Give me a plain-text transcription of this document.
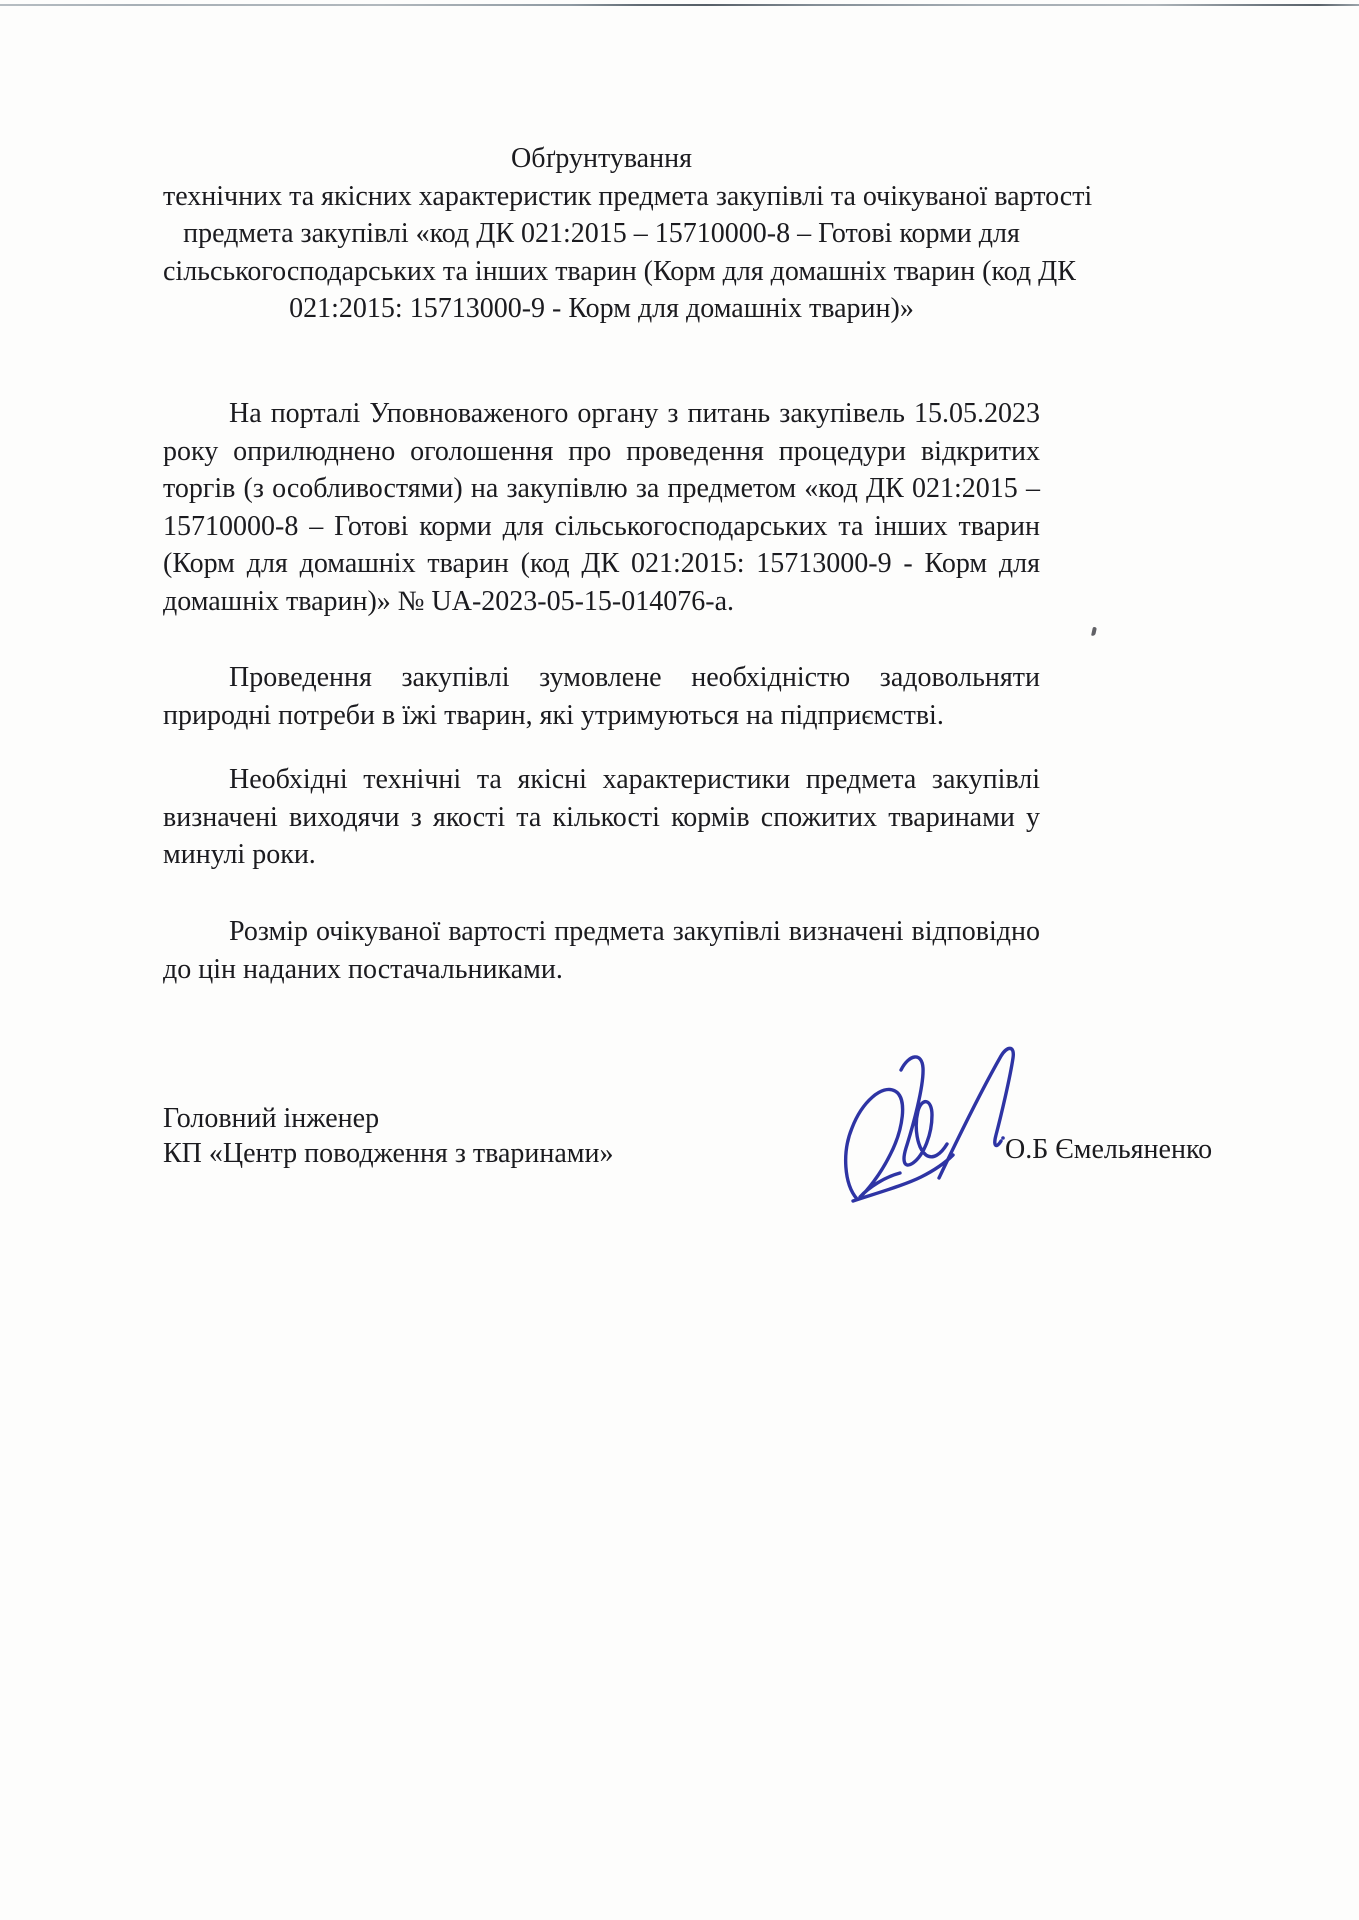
Обґрунтування
технічних та якісних характеристик предмета закупівлі та очікуваної вартості
предмета закупівлі «код ДК 021:2015 – 15710000-8 – Готові корми для
сільськогосподарських та інших тварин (Корм для домашніх тварин (код ДК
021:2015: 15713000-9 - Корм для домашніх тварин)»
На порталі Уповноваженого органу з питань закупівель 15.05.2023 року оприлюднено оголошення про проведення процедури відкритих торгів (з особливостями) на закупівлю за предметом «код ДК 021:2015 – 15710000-8 – Готові корми для сільськогосподарських та інших тварин (Корм для домашніх тварин (код ДК 021:2015: 15713000-9 - Корм для домашніх тварин)» № UA-2023-05-15-014076-а.
Проведення закупівлі зумовлене необхідністю задовольняти природні потреби в їжі тварин, які утримуються на підприємстві.
Необхідні технічні та якісні характеристики предмета закупівлі визначені виходячи з якості та кількості кормів спожитих тваринами у минулі роки.
Розмір очікуваної вартості предмета закупівлі визначені відповідно до цін наданих постачальниками.
Головний інженер
КП «Центр поводження з тваринами»	О.Б Ємельяненко
